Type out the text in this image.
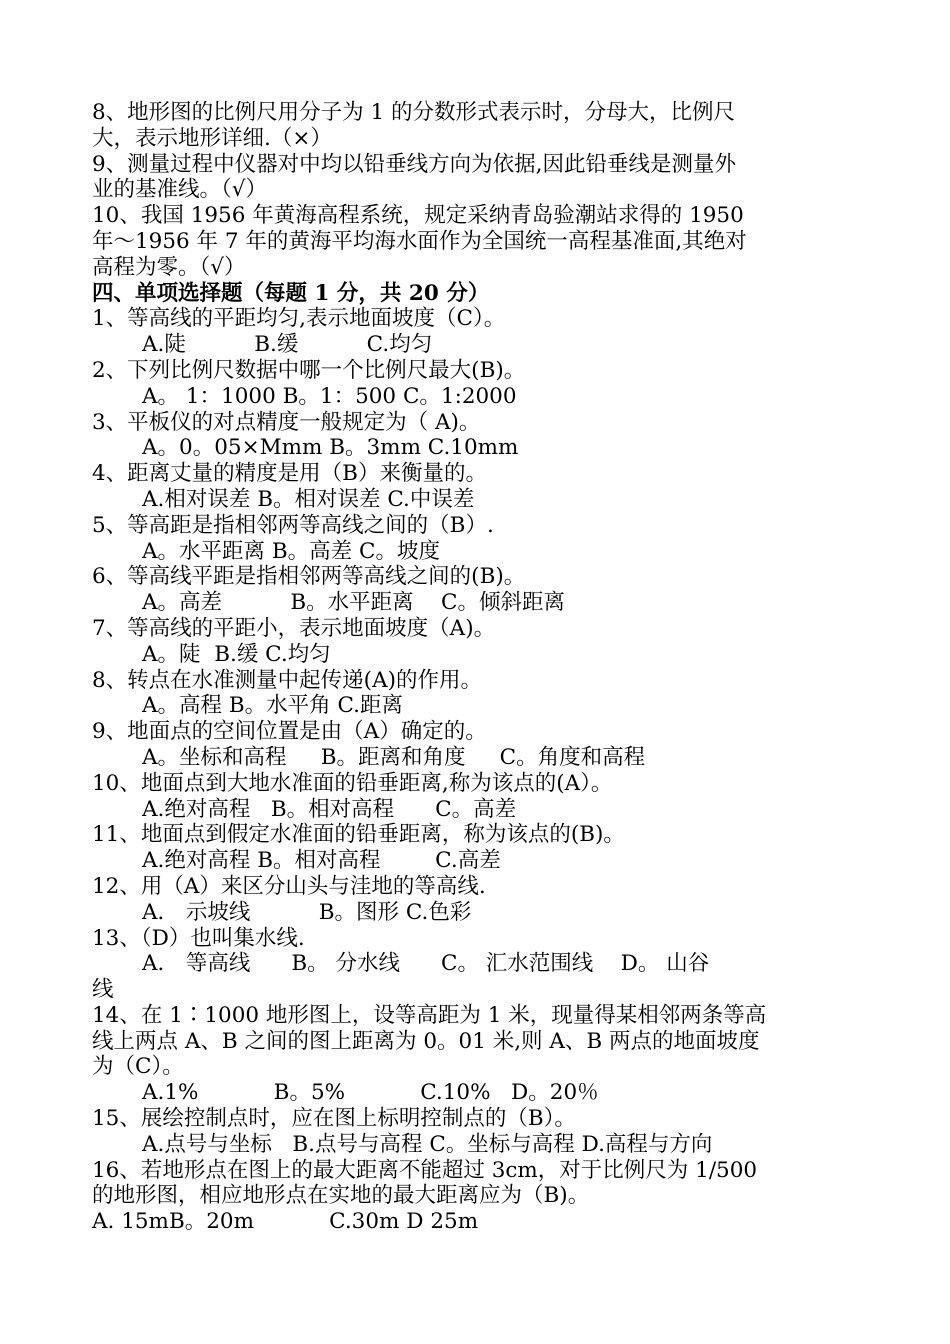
8、地形图的比例尺用分子为 1 的分数形式表示时，分母大，比例尺
大，表示地形详细.（×）
9、测量过程中仪器对中均以铅垂线方向为依据,因此铅垂线是测量外
业的基准线。（√）
10、我国 1956 年黄海高程系统，规定采纳青岛验潮站求得的 1950
年～1956 年 7 年的黄海平均海水面作为全国统一高程基准面,其绝对
高程为零。（√）
四、单项选择题（每题 1 分，共 20 分）
1、等高线的平距均匀,表示地面坡度（C）。
A.陡          B.缓          C.均匀
2、下列比例尺数据中哪一个比例尺最大(B)。
A。 1：1000 B。1：500 C。1:2000
3、平板仪的对点精度一般规定为（ A)。
A。0。05×Mmm B。3mm C.10mm
4、距离丈量的精度是用（B）来衡量的。
A.相对误差 B。相对误差 C.中误差
5、等高距是指相邻两等高线之间的（B）.
A。水平距离 B。高差 C。坡度
6、等高线平距是指相邻两等高线之间的(B)。
A。高差          B。水平距离    C。倾斜距离
7、等高线的平距小，表示地面坡度（A)。
A。陡  B.缓 C.均匀
8、转点在水准测量中起传递(A)的作用。
A。高程 B。水平角 C.距离
9、地面点的空间位置是由（A）确定的。
A。坐标和高程     B。距离和角度     C。角度和高程
10、地面点到大地水准面的铅垂距离,称为该点的(A）。
A.绝对高程   B。相对高程      C。高差
11、地面点到假定水准面的铅垂距离，称为该点的(B)。
A.绝对高程 B。相对高程        C.高差
12、用（A）来区分山头与洼地的等高线.
A． 示坡线          B。图形 C.色彩
13、（D）也叫集水线.
A． 等高线      B。 分水线      C。 汇水范围线    D。 山谷
线
14、在 1∶1000 地形图上，设等高距为 1 米，现量得某相邻两条等高
线上两点 A、B 之间的图上距离为 0。01 米,则 A、B 两点的地面坡度
为（C）。
A.1%           B。5%           C.10%   D。20％
15、展绘控制点时，应在图上标明控制点的（B）。
A.点号与坐标   B.点号与高程 C。坐标与高程 D.高程与方向
16、若地形点在图上的最大距离不能超过 3cm，对于比例尺为 1/500
的地形图，相应地形点在实地的最大距离应为（B)。
A. 15mB。20m           C.30m D 25m
